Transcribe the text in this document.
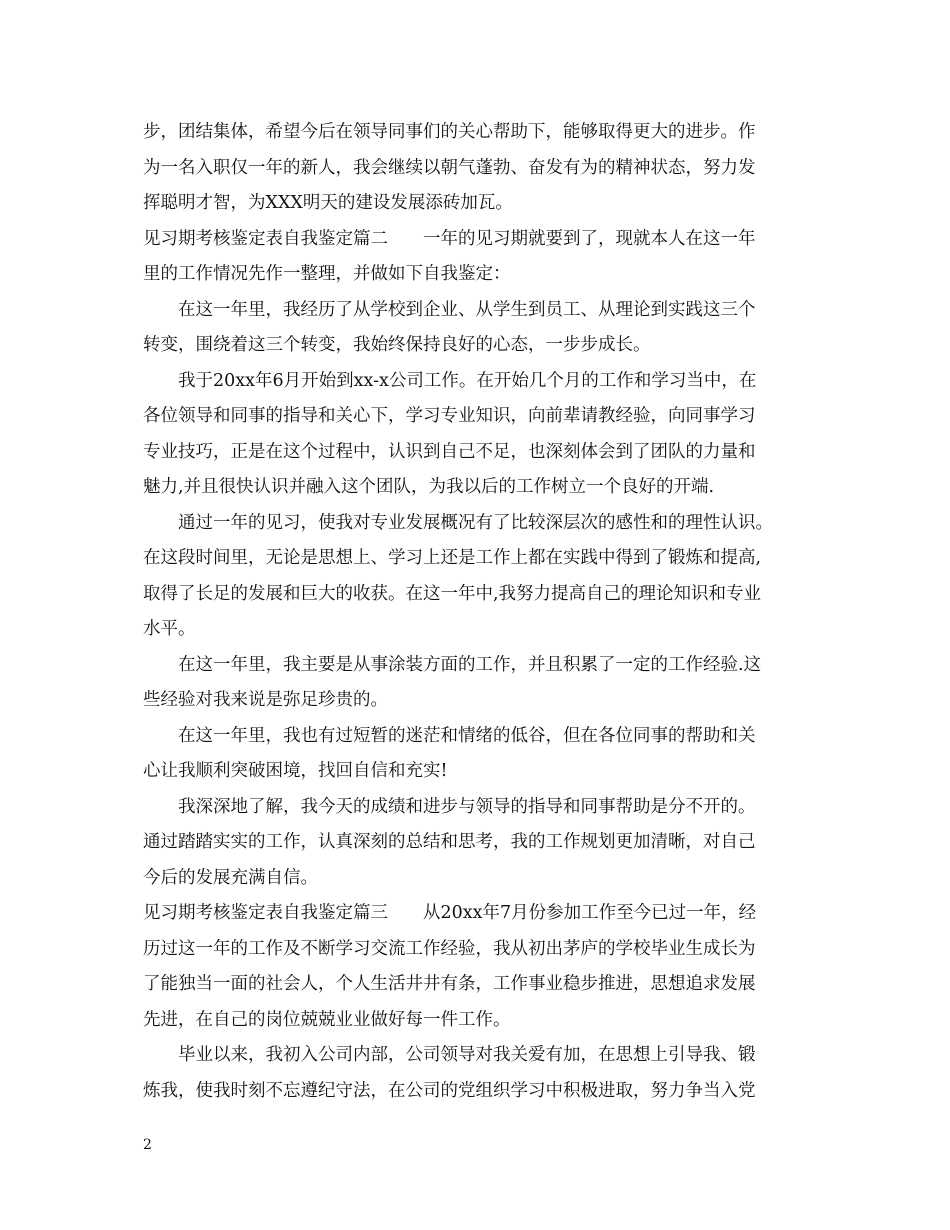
步，团结集体，希望今后在领导同事们的关心帮助下，能够取得更大的进步。作
为一名入职仅一年的新人，我会继续以朝气蓬勃、奋发有为的精神状态，努力发
挥聪明才智，为XXX明天的建设发展添砖加瓦。
见习期考核鉴定表自我鉴定篇二　　一年的见习期就要到了，现就本人在这一年
里的工作情况先作一整理，并做如下自我鉴定：
在这一年里，我经历了从学校到企业、从学生到员工、从理论到实践这三个
转变，围绕着这三个转变，我始终保持良好的心态，一步步成长。
我于20xx年6月开始到xx-x公司工作。在开始几个月的工作和学习当中，在
各位领导和同事的指导和关心下，学习专业知识，向前辈请教经验，向同事学习
专业技巧，正是在这个过程中，认识到自己不足，也深刻体会到了团队的力量和
魅力,并且很快认识并融入这个团队，为我以后的工作树立一个良好的开端.
通过一年的见习，使我对专业发展概况有了比较深层次的感性和的理性认识。
在这段时间里，无论是思想上、学习上还是工作上都在实践中得到了锻炼和提高,
取得了长足的发展和巨大的收获。在这一年中,我努力提高自己的理论知识和专业
水平。
在这一年里，我主要是从事涂装方面的工作，并且积累了一定的工作经验.这
些经验对我来说是弥足珍贵的。
在这一年里，我也有过短暂的迷茫和情绪的低谷，但在各位同事的帮助和关
心让我顺利突破困境，找回自信和充实!
我深深地了解，我今天的成绩和进步与领导的指导和同事帮助是分不开的。
通过踏踏实实的工作，认真深刻的总结和思考，我的工作规划更加清晰，对自己
今后的发展充满自信。
见习期考核鉴定表自我鉴定篇三　　从20xx年7月份参加工作至今已过一年，经
历过这一年的工作及不断学习交流工作经验，我从初出茅庐的学校毕业生成长为
了能独当一面的社会人，个人生活井井有条，工作事业稳步推进，思想追求发展
先进，在自己的岗位兢兢业业做好每一件工作。
毕业以来，我初入公司内部，公司领导对我关爱有加，在思想上引导我、锻
炼我，使我时刻不忘遵纪守法，在公司的党组织学习中积极进取，努力争当入党
2
